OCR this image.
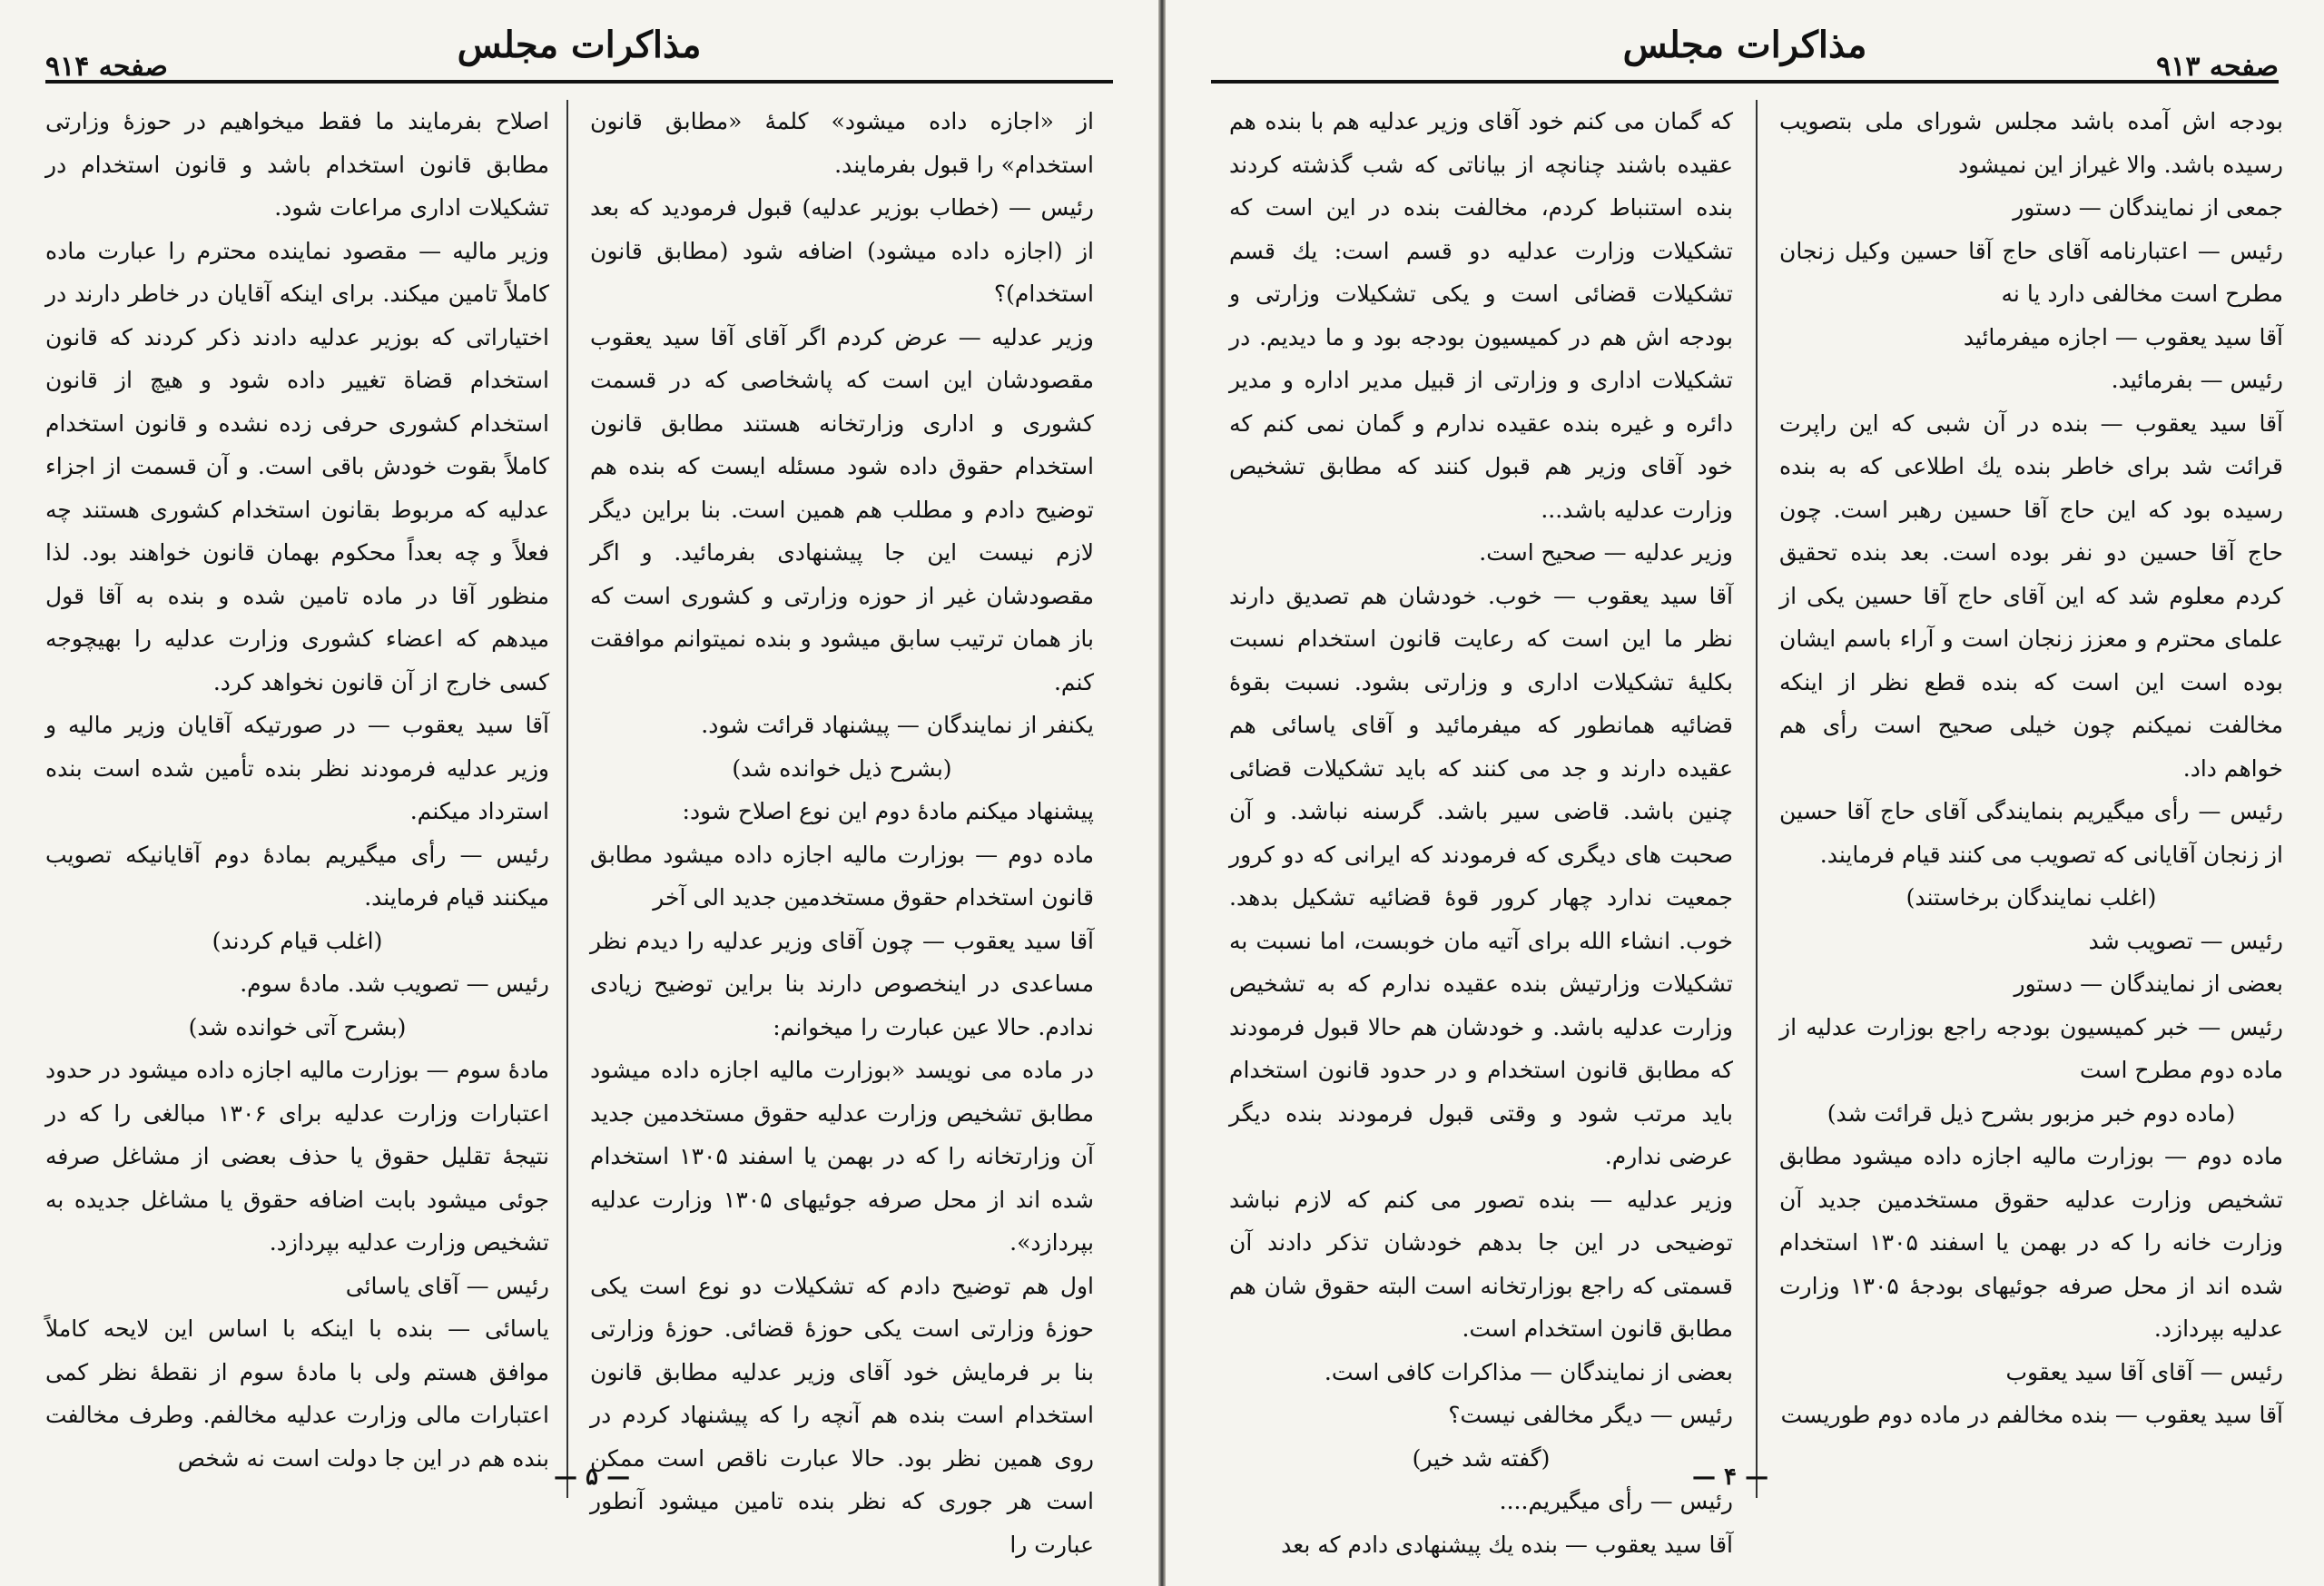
مذاکرات مجلس
صفحه ۹۱۴

از «اجازه داده میشود» کلمهٔ «مطابق قانون استخدام» را قبول بفرمایند.

رئیس — (خطاب بوزیر عدلیه) قبول فرمودید که بعد از (اجازه داده میشود) اضافه شود (مطابق قانون استخدام)؟

وزیر عدلیه — عرض کردم اگر آقای آقا سید یعقوب مقصودشان این است که پاشخاصی که در قسمت کشوری و اداری وزارتخانه هستند مطابق قانون استخدام حقوق داده شود مسئله ایست که بنده هم توضیح دادم و مطلب هم همین است. بنا براین دیگر لازم نیست این جا پیشنهادی بفرمائید. و اگر مقصودشان غیر از حوزه وزارتی و کشوری است که باز همان ترتیب سابق میشود و بنده نمیتوانم موافقت کنم.

یکنفر از نمایندگان — پیشنهاد قرائت شود.

(بشرح ذیل خوانده شد)

پیشنهاد میکنم مادهٔ دوم این نوع اصلاح شود:

ماده دوم — بوزارت مالیه اجازه داده میشود مطابق قانون استخدام حقوق مستخدمین جدید الی آخر

آقا سید یعقوب — چون آقای وزیر عدلیه را دیدم نظر مساعدی در اینخصوص دارند بنا براین توضیح زیادی ندادم. حالا عین عبارت را میخوانم:

در ماده می نویسد «بوزارت مالیه اجازه داده میشود مطابق تشخیص وزارت عدلیه حقوق مستخدمین جدید آن وزارتخانه را که در بهمن یا اسفند ۱۳۰۵ استخدام شده اند از محل صرفه جوئیهای ۱۳۰۵ وزارت عدلیه بپردازد».

اول هم توضیح دادم که تشکیلات دو نوع است یکی حوزهٔ وزارتی است یکی حوزهٔ قضائی. حوزهٔ وزارتی بنا بر فرمایش خود آقای وزیر عدلیه مطابق قانون استخدام است بنده هم آنچه را که پیشنهاد کردم در روی همین نظر بود. حالا عبارت ناقص است ممکن است هر جوری که نظر بنده تامین میشود آنطور عبارت را

اصلاح بفرمایند ما فقط میخواهیم در حوزهٔ وزارتی مطابق قانون استخدام باشد و قانون استخدام در تشکیلات اداری مراعات شود.

وزیر مالیه — مقصود نماینده محترم را عبارت ماده کاملاً تامین میکند. برای اینکه آقایان در خاطر دارند در اختیاراتی که بوزیر عدلیه دادند ذکر کردند که قانون استخدام قضاة تغییر داده شود و هیچ از قانون استخدام کشوری حرفی زده نشده و قانون استخدام کاملاً بقوت خودش باقی است. و آن قسمت از اجزاء عدلیه که مربوط بقانون استخدام کشوری هستند چه فعلاً و چه بعداً محکوم بهمان قانون خواهند بود. لذا منظور آقا در ماده تامین شده و بنده به آقا قول میدهم که اعضاء کشوری وزارت عدلیه را بهیچوجه کسی خارج از آن قانون نخواهد کرد.

آقا سید یعقوب — در صورتیکه آقایان وزیر مالیه و وزیر عدلیه فرمودند نظر بنده تأمین شده است بنده استرداد میکنم.

رئیس — رأی میگیریم بمادهٔ دوم آقایانیکه تصویب میکنند قیام فرمایند.

(اغلب قیام کردند)

رئیس — تصویب شد. مادهٔ سوم.

(بشرح آتی خوانده شد)

مادهٔ سوم — بوزارت مالیه اجازه داده میشود در حدود اعتبارات وزارت عدلیه برای ۱۳۰۶ مبالغی را که در نتیجهٔ تقلیل حقوق یا حذف بعضی از مشاغل صرفه جوئی میشود بابت اضافه حقوق یا مشاغل جدیده به تشخیص وزارت عدلیه بپردازد.

رئیس — آقای یاسائی

یاسائی — بنده با اینکه با اساس این لایحه کاملاً موافق هستم ولی با مادهٔ سوم از نقطهٔ نظر کمی اعتبارات مالی وزارت عدلیه مخالفم. وطرف مخالفت بنده هم در این جا دولت است نه شخص

— ۵ —
مذاکرات مجلس
صفحه ۹۱۳

بودجه اش آمده باشد مجلس شورای ملی بتصویب رسیده باشد. والا غیراز این نمیشود

جمعی از نمایندگان — دستور

رئیس — اعتبارنامه آقای حاج آقا حسین وکیل زنجان مطرح است مخالفی دارد یا نه

آقا سید یعقوب — اجازه میفرمائید

رئیس — بفرمائید.

آقا سید یعقوب — بنده در آن شبی که این راپرت قرائت شد برای خاطر بنده یك اطلاعی که به بنده رسیده بود که این حاج آقا حسین رهبر است. چون حاج آقا حسین دو نفر بوده است. بعد بنده تحقیق کردم معلوم شد که این آقای حاج آقا حسین یکی از علمای محترم و معزز زنجان است و آراء باسم ایشان بوده است این است که بنده قطع نظر از اینکه مخالفت نمیکنم چون خیلی صحیح است رأی هم خواهم داد.

رئیس — رأی میگیریم بنمایندگی آقای حاج آقا حسین از زنجان آقایانی که تصویب می کنند قیام فرمایند.

(اغلب نمایندگان برخاستند)

رئیس — تصویب شد

بعضی از نمایندگان — دستور

رئیس — خبر کمیسیون بودجه راجع بوزارت عدلیه از ماده دوم مطرح است

(ماده دوم خبر مزبور بشرح ذیل قرائت شد)

ماده دوم — بوزارت مالیه اجازه داده میشود مطابق تشخیص وزارت عدلیه حقوق مستخدمین جدید آن وزارت خانه را که در بهمن یا اسفند ۱۳۰۵ استخدام شده اند از محل صرفه جوئیهای بودجهٔ ۱۳۰۵ وزارت عدلیه بپردازد.

رئیس — آقای آقا سید یعقوب

آقا سید یعقوب — بنده مخالفم در ماده دوم طوریست

که گمان می کنم خود آقای وزیر عدلیه هم با بنده هم عقیده باشند چنانچه از بیاناتی که شب گذشته کردند بنده استنباط کردم، مخالفت بنده در این است که تشکیلات وزارت عدلیه دو قسم است: یك قسم تشکیلات قضائی است و یکی تشکیلات وزارتی و بودجه اش هم در کمیسیون بودجه بود و ما دیدیم. در تشکیلات اداری و وزارتی از قبیل مدیر اداره و مدیر دائره و غیره بنده عقیده ندارم و گمان نمی کنم که خود آقای وزیر هم قبول کنند که مطابق تشخیص وزارت عدلیه باشد...

وزیر عدلیه — صحیح است.

آقا سید یعقوب — خوب. خودشان هم تصدیق دارند نظر ما این است که رعایت قانون استخدام نسبت بکلیهٔ تشکیلات اداری و وزارتی بشود. نسبت بقوهٔ قضائیه همانطور که میفرمائید و آقای یاسائی هم عقیده دارند و جد می کنند که باید تشکیلات قضائی چنین باشد. قاضی سیر باشد. گرسنه نباشد. و آن صحبت های دیگری که فرمودند که ایرانی که دو کرور جمعیت ندارد چهار کرور قوهٔ قضائیه تشکیل بدهد. خوب. انشاء الله برای آتیه مان خوبست، اما نسبت به تشکیلات وزارتیش بنده عقیده ندارم که به تشخیص وزارت عدلیه باشد. و خودشان هم حالا قبول فرمودند که مطابق قانون استخدام و در حدود قانون استخدام باید مرتب شود و وقتی قبول فرمودند بنده دیگر عرضی ندارم.

وزیر عدلیه — بنده تصور می کنم که لازم نباشد توضیحی در این جا بدهم خودشان تذکر دادند آن قسمتی که راجع بوزارتخانه است البته حقوق شان هم مطابق قانون استخدام است.

بعضی از نمایندگان — مذاکرات کافی است.

رئیس — دیگر مخالفی نیست؟

(گفته شد خیر)

رئیس — رأی میگیریم....

آقا سید یعقوب — بنده یك پیشنهادی دادم که بعد

— ۴ —
